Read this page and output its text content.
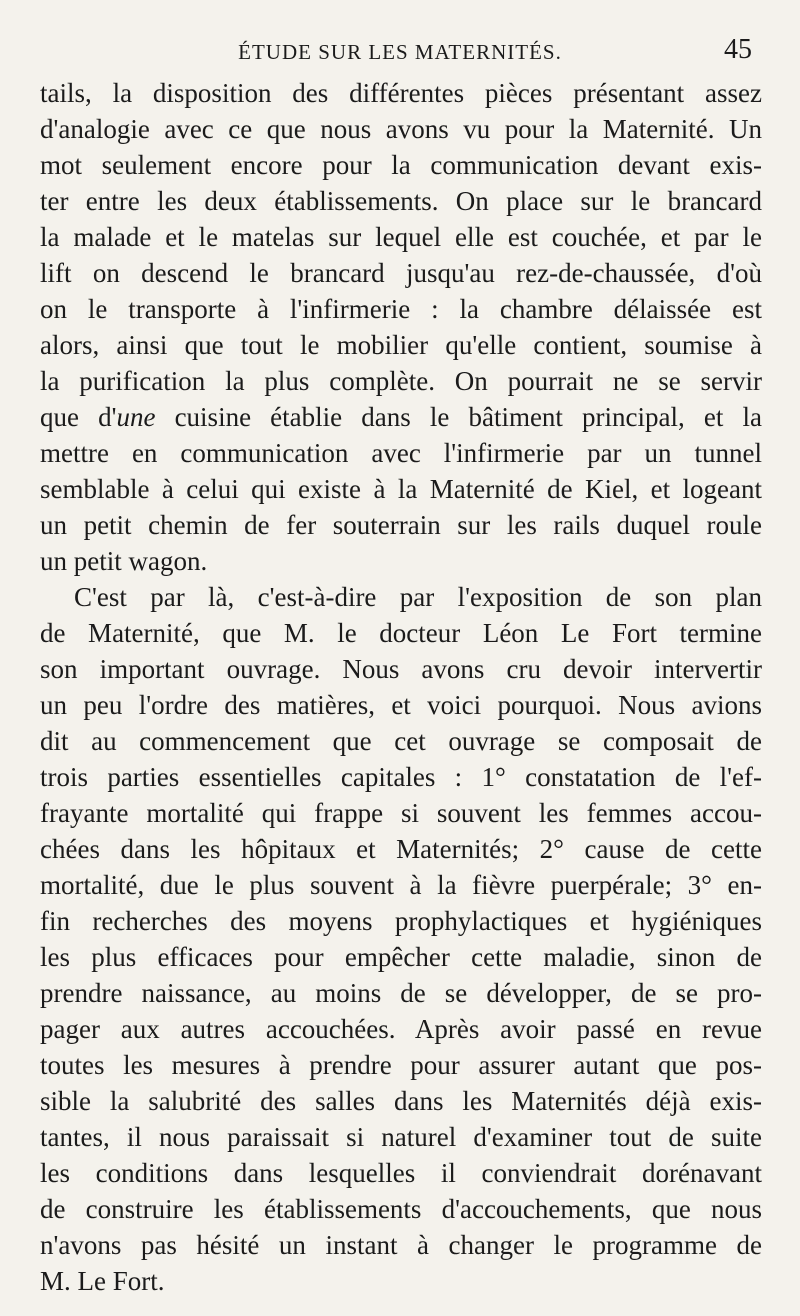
ÉTUDE SUR LES MATERNITÉS.	45
tails, la disposition des différentes pièces présentant assez
d'analogie avec ce que nous avons vu pour la Maternité. Un
mot seulement encore pour la communication devant exis-
ter entre les deux établissements. On place sur le brancard
la malade et le matelas sur lequel elle est couchée, et par le
lift on descend le brancard jusqu'au rez-de-chaussée, d'où
on le transporte à l'infirmerie : la chambre délaissée est
alors, ainsi que tout le mobilier qu'elle contient, soumise à
la purification la plus complète. On pourrait ne se servir
que d'une cuisine établie dans le bâtiment principal, et la
mettre en communication avec l'infirmerie par un tunnel
semblable à celui qui existe à la Maternité de Kiel, et logeant
un petit chemin de fer souterrain sur les rails duquel roule
un petit wagon.
C'est par là, c'est-à-dire par l'exposition de son plan
de Maternité, que M. le docteur Léon Le Fort termine
son important ouvrage. Nous avons cru devoir intervertir
un peu l'ordre des matières, et voici pourquoi. Nous avions
dit au commencement que cet ouvrage se composait de
trois parties essentielles capitales : 1° constatation de l'ef-
frayante mortalité qui frappe si souvent les femmes accou-
chées dans les hôpitaux et Maternités; 2° cause de cette
mortalité, due le plus souvent à la fièvre puerpérale; 3° en-
fin recherches des moyens prophylactiques et hygiéniques
les plus efficaces pour empêcher cette maladie, sinon de
prendre naissance, au moins de se développer, de se pro-
pager aux autres accouchées. Après avoir passé en revue
toutes les mesures à prendre pour assurer autant que pos-
sible la salubrité des salles dans les Maternités déjà exis-
tantes, il nous paraissait si naturel d'examiner tout de suite
les conditions dans lesquelles il conviendrait dorénavant
de construire les établissements d'accouchements, que nous
n'avons pas hésité un instant à changer le programme de
M. Le Fort.
